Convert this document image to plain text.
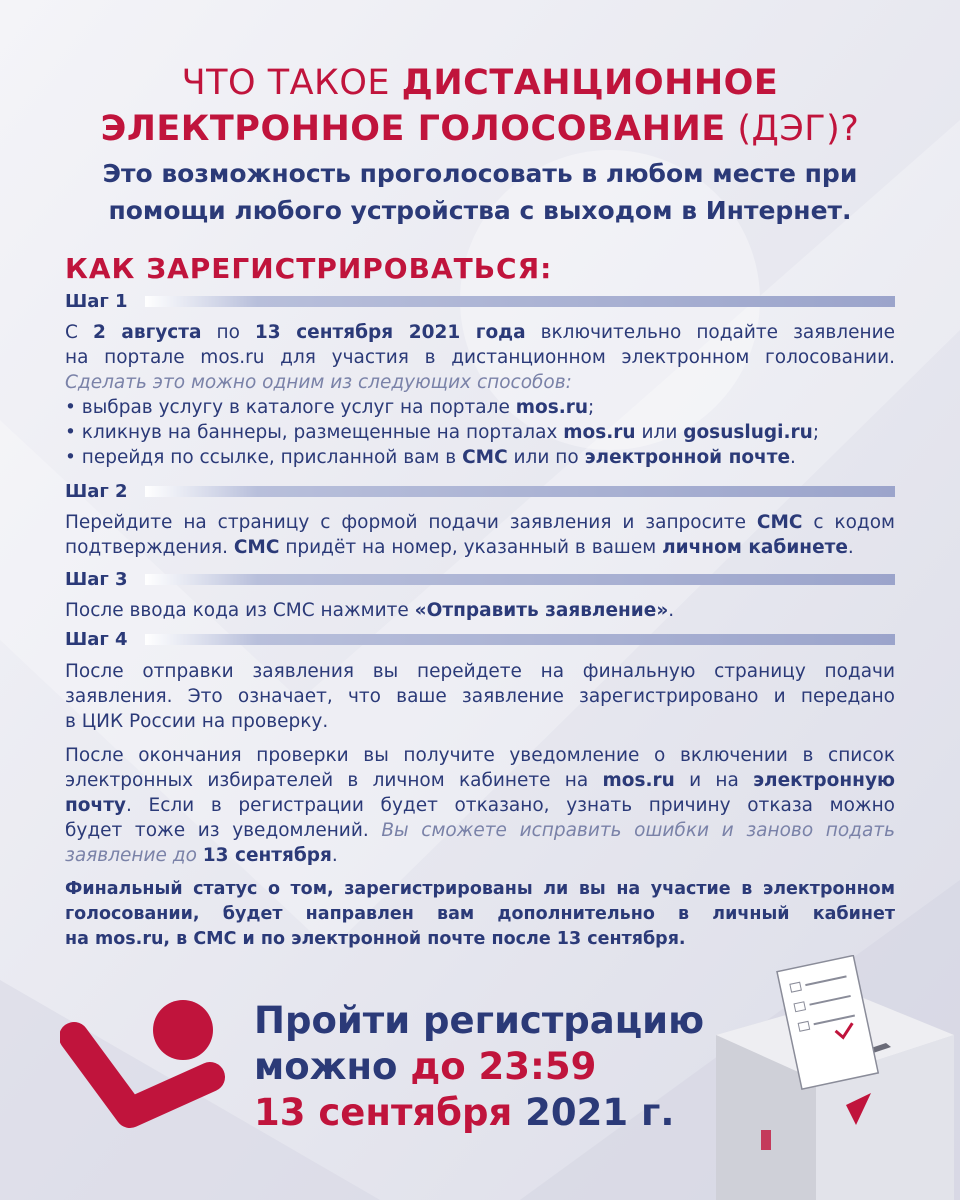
ЧТО ТАКОЕ ДИСТАНЦИОННОЕ
ЭЛЕКТРОННОЕ ГОЛОСОВАНИЕ (ДЭГ)?
Это возможность проголосовать в любом месте при
помощи любого устройства с выходом в Интернет.
КАК ЗАРЕГИСТРИРОВАТЬСЯ:
Шаг 1
С 2 августа по 13 сентября 2021 года включительно подайте заявление
на портале mos.ru для участия в дистанционном электронном голосовании.
Сделать это можно одним из следующих способов:
• выбрав услугу в каталоге услуг на портале mos.ru;
• кликнув на баннеры, размещенные на порталах mos.ru или gosuslugi.ru;
• перейдя по ссылке, присланной вам в СМС или по электронной почте.
Шаг 2
Перейдите на страницу с формой подачи заявления и запросите СМС с кодом
подтверждения. СМС придёт на номер, указанный в вашем личном кабинете.
Шаг 3
После ввода кода из СМС нажмите «Отправить заявление».
Шаг 4
После отправки заявления вы перейдете на финальную страницу подачи
заявления. Это означает, что ваше заявление зарегистрировано и передано
в ЦИК России на проверку.
После окончания проверки вы получите уведомление о включении в список
электронных избирателей в личном кабинете на mos.ru и на электронную
почту. Если в регистрации будет отказано, узнать причину отказа можно
будет тоже из уведомлений. Вы сможете исправить ошибки и заново подать
заявление до 13 сентября.
Финальный статус о том, зарегистрированы ли вы на участие в электронном
голосовании, будет направлен вам дополнительно в личный кабинет
на mos.ru, в СМС и по электронной почте после 13 сентября.
Пройти регистрацию
можно до 23:59
13 сентября 2021 г.
